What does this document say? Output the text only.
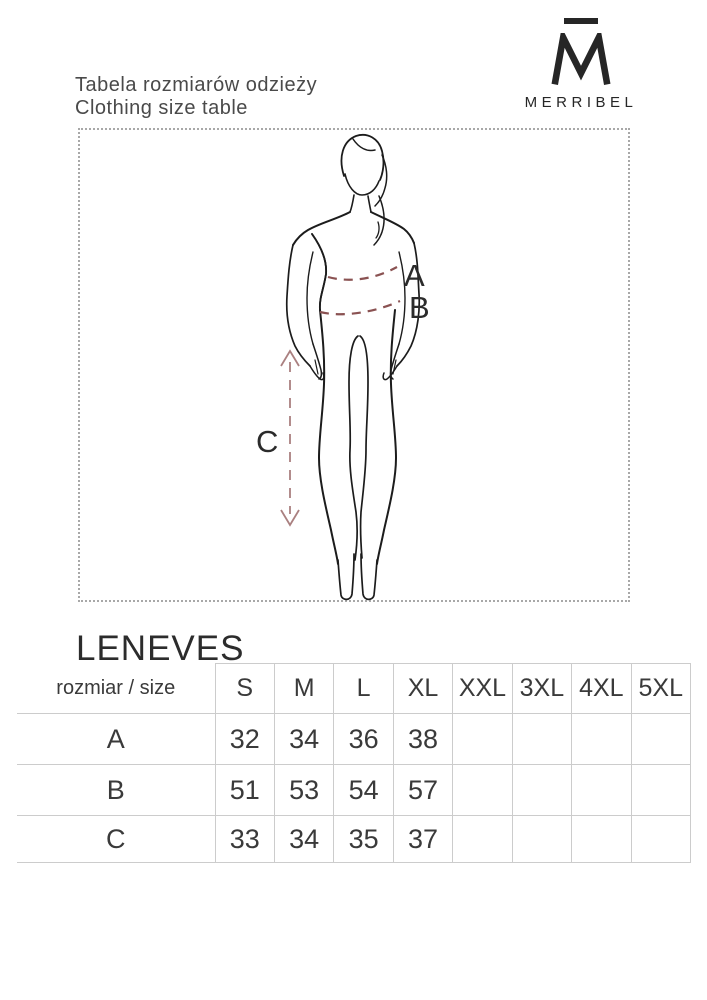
MERRIBEL
Tabela rozmiarów odzieży
Clothing size table
A
B
C
LENEVES
rozmiar / size	S	M	L	XL	XXL	3XL	4XL	5XL
A	32	34	36	38				
B	51	53	54	57				
C	33	34	35	37				
